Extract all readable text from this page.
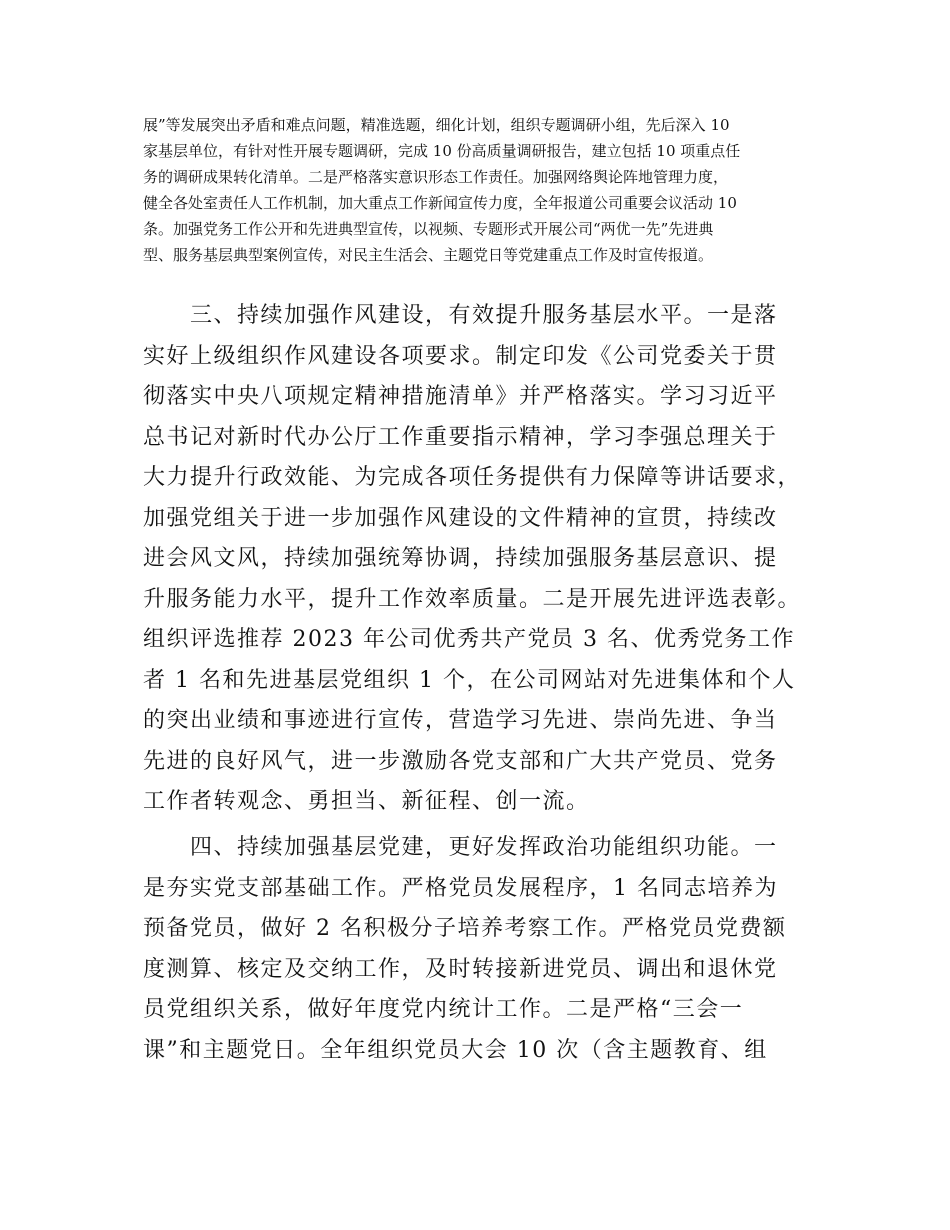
展”等发展突出矛盾和难点问题，精准选题，细化计划，组织专题调研小组，先后深入 10
家基层单位，有针对性开展专题调研，完成 10 份高质量调研报告，建立包括 10 项重点任
务的调研成果转化清单。二是严格落实意识形态工作责任。加强网络舆论阵地管理力度，
健全各处室责任人工作机制，加大重点工作新闻宣传力度，全年报道公司重要会议活动 10
条。加强党务工作公开和先进典型宣传，以视频、专题形式开展公司“两优一先”先进典
型、服务基层典型案例宣传，对民主生活会、主题党日等党建重点工作及时宣传报道。

　　三、持续加强作风建设，有效提升服务基层水平。一是落
实好上级组织作风建设各项要求。制定印发《公司党委关于贯
彻落实中央八项规定精神措施清单》并严格落实。学习习近平
总书记对新时代办公厅工作重要指示精神，学习李强总理关于
大力提升行政效能、为完成各项任务提供有力保障等讲话要求，
加强党组关于进一步加强作风建设的文件精神的宣贯，持续改
进会风文风，持续加强统筹协调，持续加强服务基层意识、提
升服务能力水平，提升工作效率质量。二是开展先进评选表彰。
组织评选推荐 2023 年公司优秀共产党员 3 名、优秀党务工作
者 1 名和先进基层党组织 1 个，在公司网站对先进集体和个人
的突出业绩和事迹进行宣传，营造学习先进、崇尚先进、争当
先进的良好风气，进一步激励各党支部和广大共产党员、党务
工作者转观念、勇担当、新征程、创一流。

　　四、持续加强基层党建，更好发挥政治功能组织功能。一
是夯实党支部基础工作。严格党员发展程序，1 名同志培养为
预备党员，做好 2 名积极分子培养考察工作。严格党员党费额
度测算、核定及交纳工作，及时转接新进党员、调出和退休党
员党组织关系，做好年度党内统计工作。二是严格“三会一
课”和主题党日。全年组织党员大会 10 次（含主题教育、组
